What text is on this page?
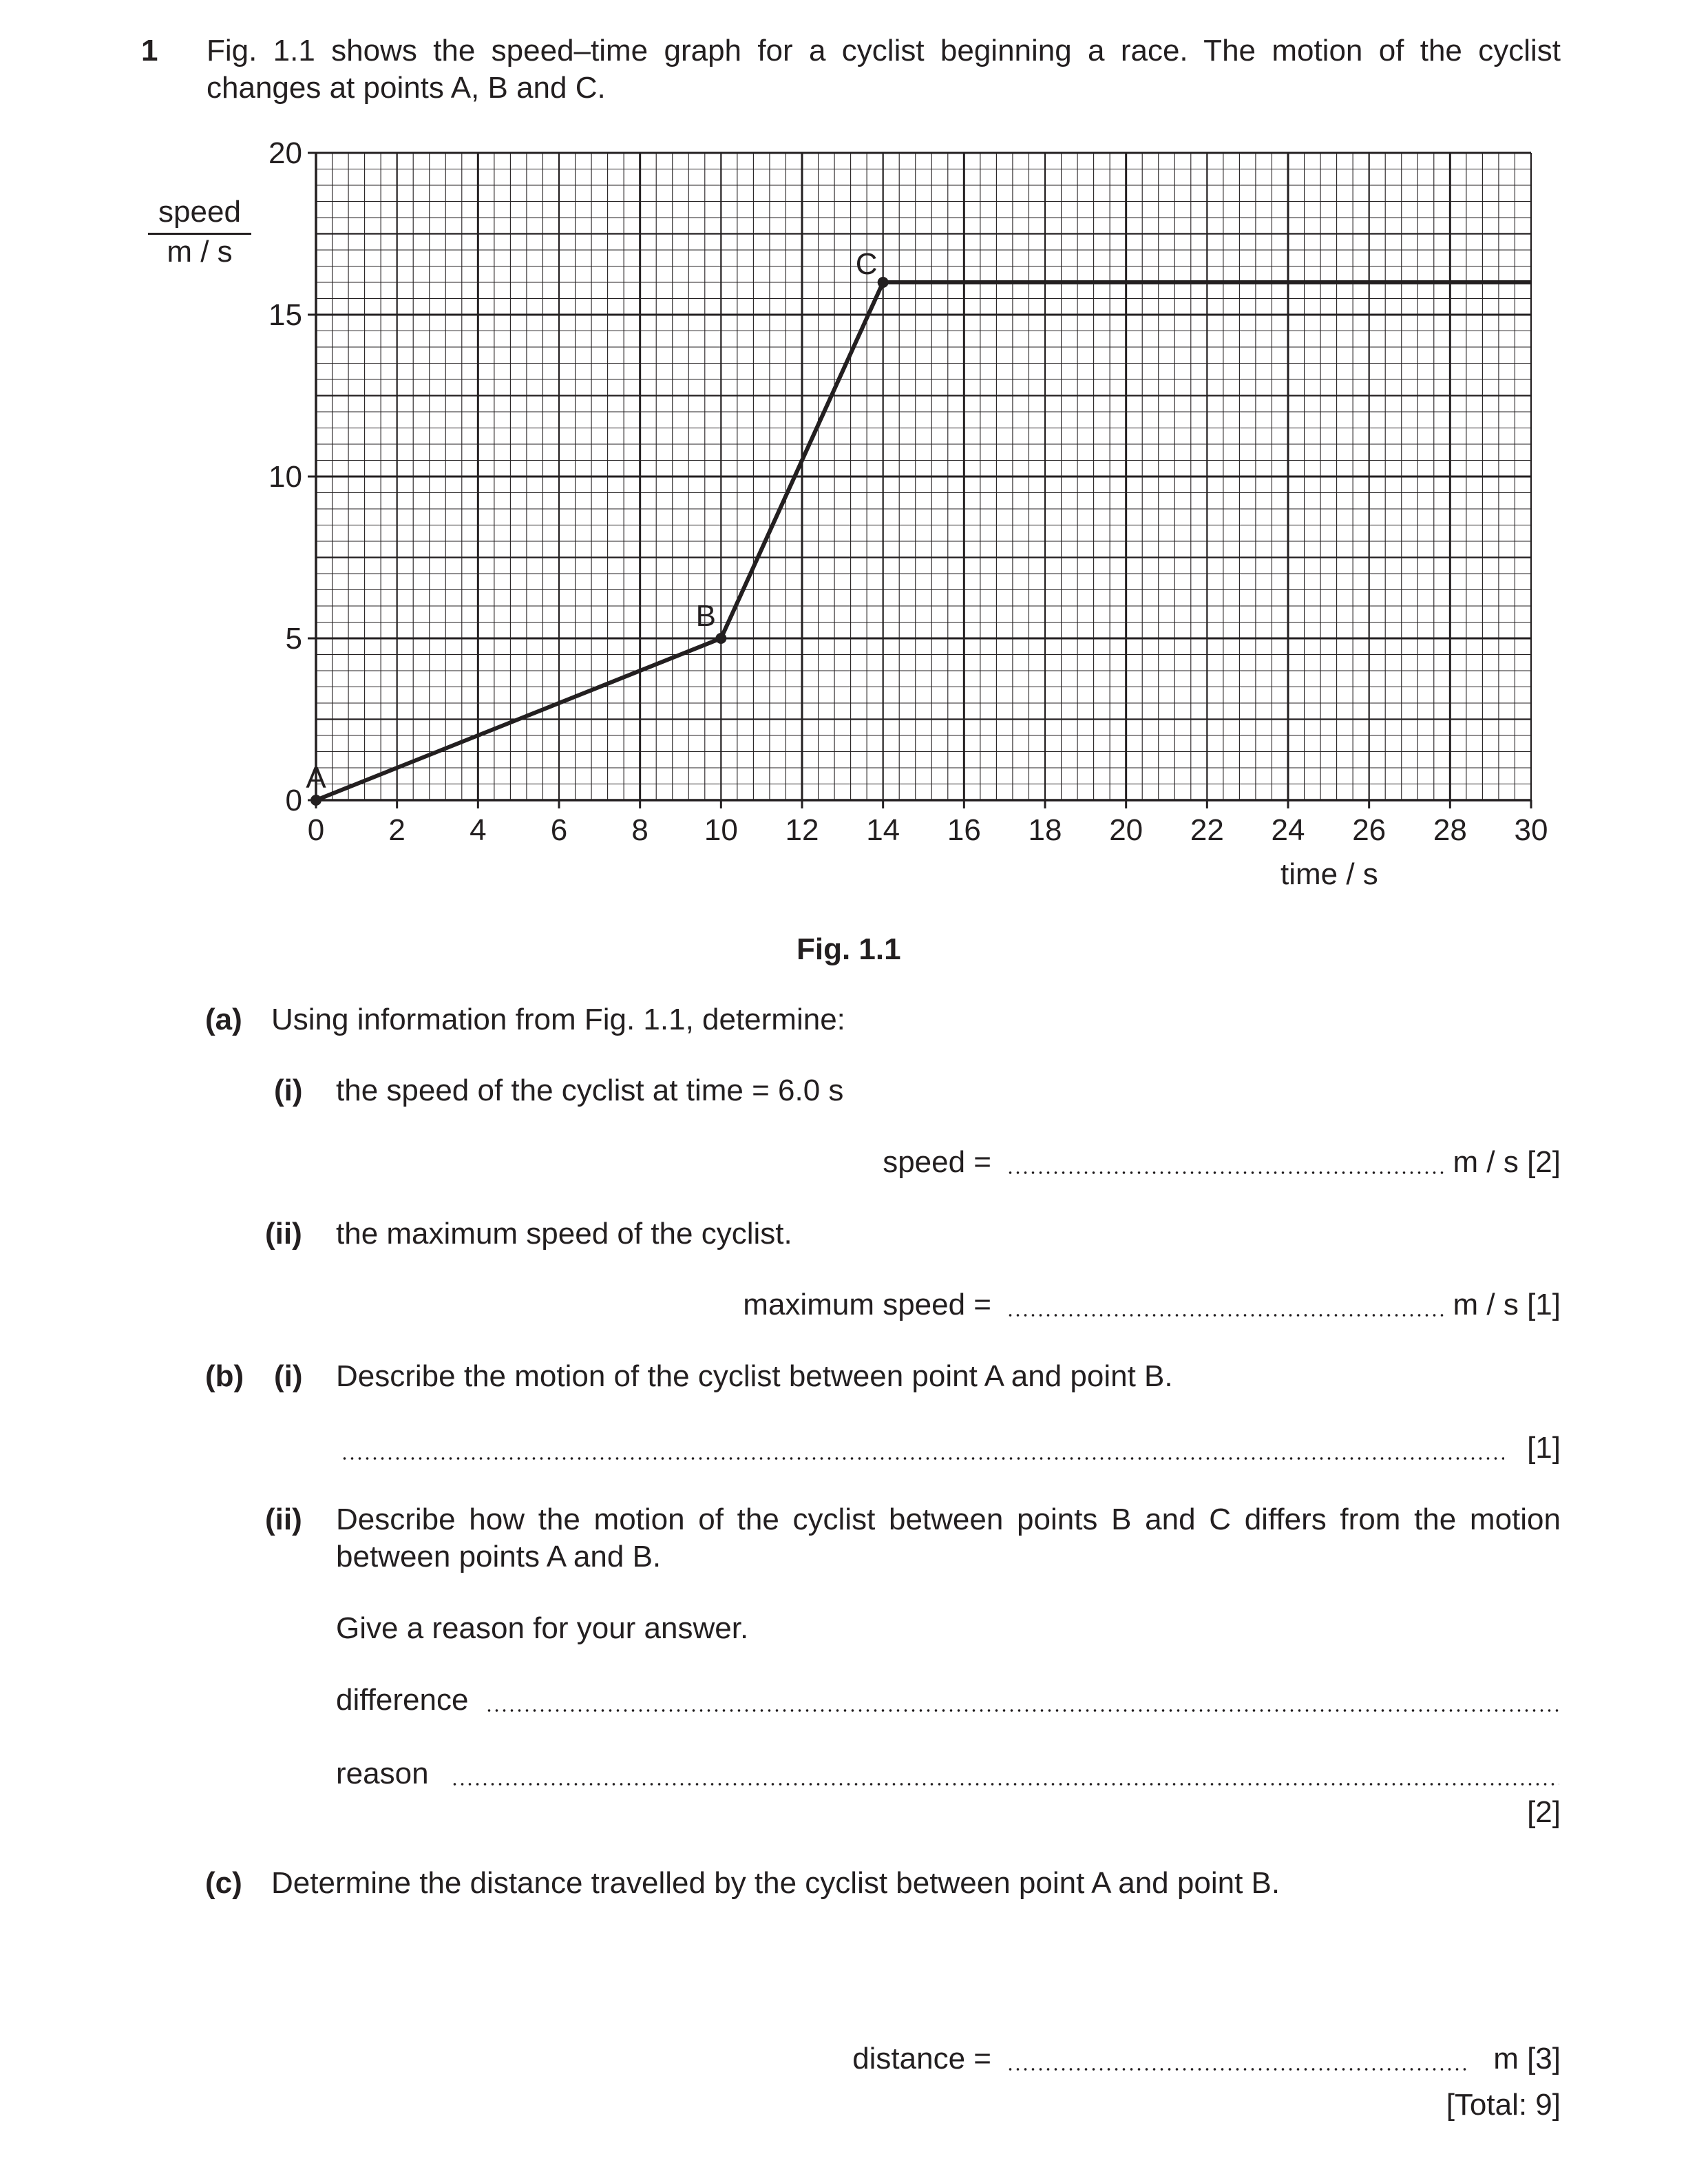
1 Fig. 1.1 shows the speed–time graph for a cyclist beginning a race. The motion of the cyclist
changes at points A, B and C.
0 2 4 6 8 10 12 14 16 18 20 22 24 26 28 30
0
5
10
15
20
A
B
C
speed
m / s
time / s
Fig. 1.1
(a) Using information from Fig. 1.1, determine:
(i) the speed of the cyclist at time = 6.0 s
speed =	m / s [2]
(ii) the maximum speed of the cyclist.
maximum speed =	m / s [1]
(b) (i) Describe the motion of the cyclist between point A and point B.
[1]
(ii) Describe how the motion of the cyclist between points B and C differs from the motion
between points A and B.
Give a reason for your answer.
difference
reason
[2]
(c) Determine the distance travelled by the cyclist between point A and point B.
distance =	m [3]
[Total: 9]
